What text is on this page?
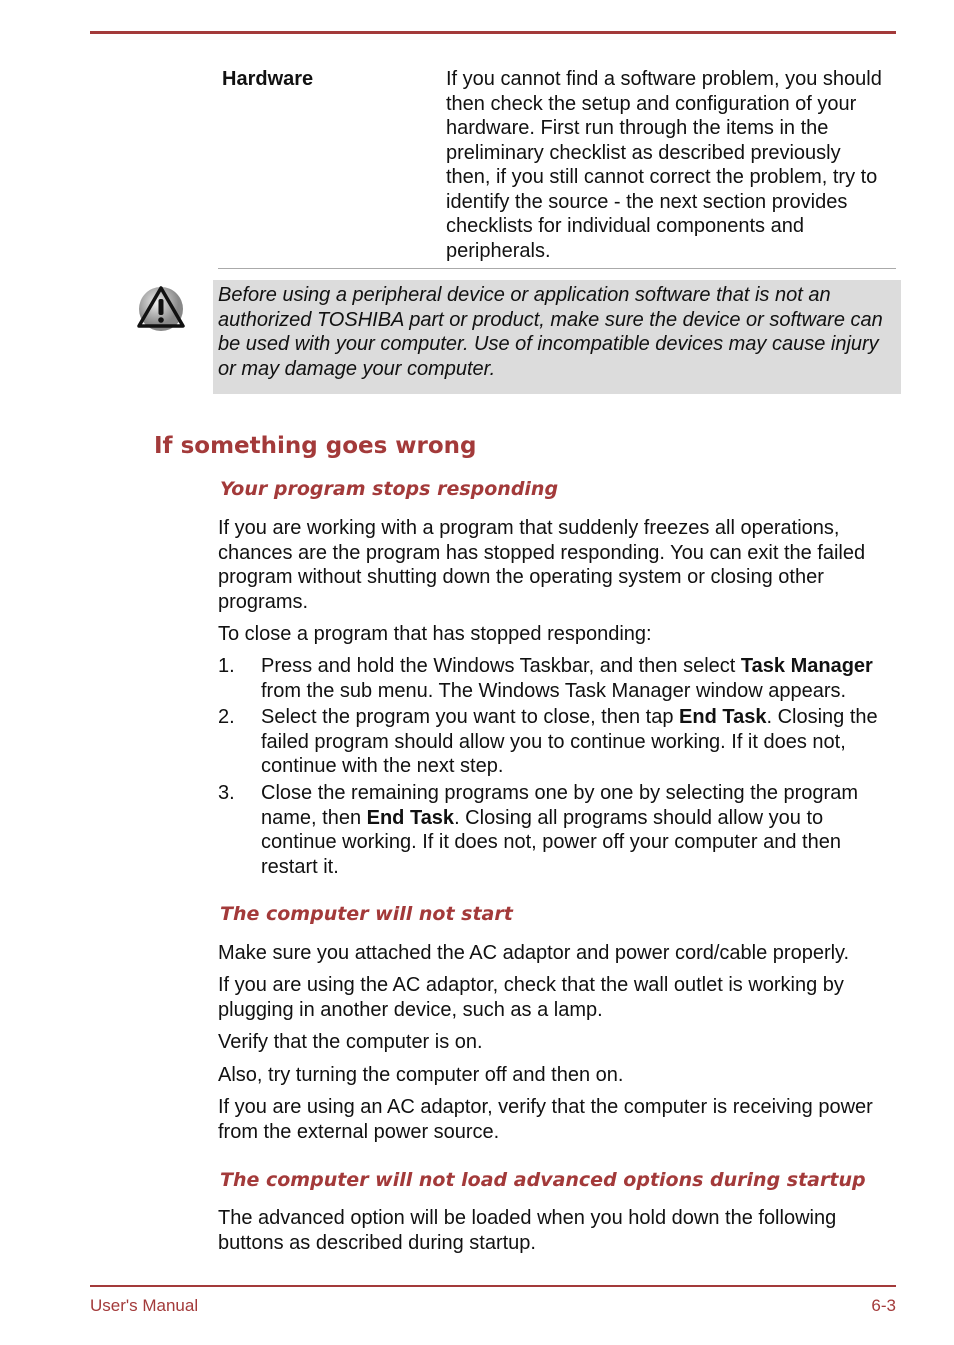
Hardware	If you cannot find a software problem, you should
then check the setup and configuration of your
hardware. First run through the items in the
preliminary checklist as described previously
then, if you still cannot correct the problem, try to
identify the source - the next section provides
checklists for individual components and
peripherals.
Before using a peripheral device or application software that is not an
authorized TOSHIBA part or product, make sure the device or software can
be used with your computer. Use of incompatible devices may cause injury
or may damage your computer.
If something goes wrong
Your program stops responding
If you are working with a program that suddenly freezes all operations,
chances are the program has stopped responding. You can exit the failed
program without shutting down the operating system or closing other
programs.
To close a program that has stopped responding:
1. Press and hold the Windows Taskbar, and then select Task Manager
from the sub menu. The Windows Task Manager window appears.
2. Select the program you want to close, then tap End Task. Closing the
failed program should allow you to continue working. If it does not,
continue with the next step.
3. Close the remaining programs one by one by selecting the program
name, then End Task. Closing all programs should allow you to
continue working. If it does not, power off your computer and then
restart it.
The computer will not start
Make sure you attached the AC adaptor and power cord/cable properly.
If you are using the AC adaptor, check that the wall outlet is working by
plugging in another device, such as a lamp.
Verify that the computer is on.
Also, try turning the computer off and then on.
If you are using an AC adaptor, verify that the computer is receiving power
from the external power source.
The computer will not load advanced options during startup
The advanced option will be loaded when you hold down the following
buttons as described during startup.
User's Manual	6-3
